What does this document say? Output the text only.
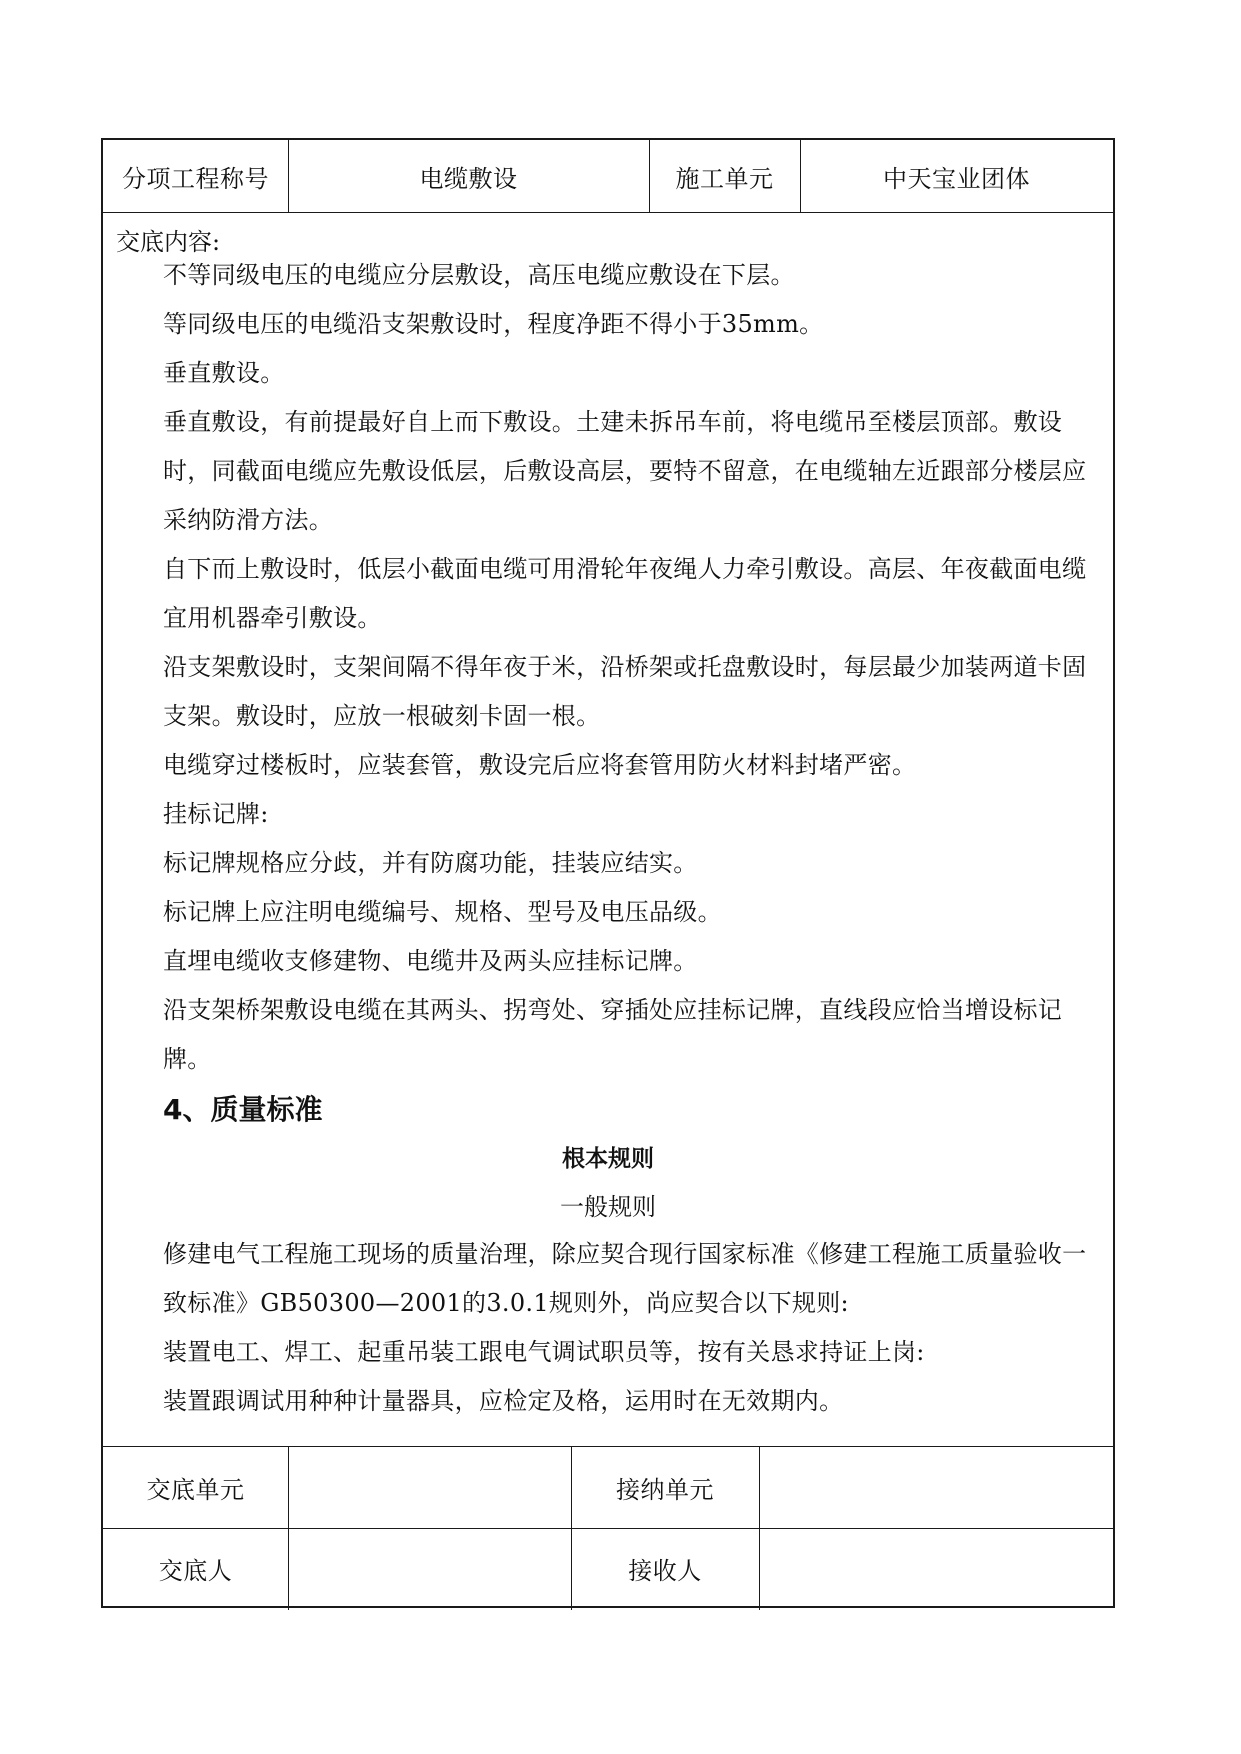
分项工程称号	电缆敷设	施工单元	中天宝业团体
交底内容:
不等同级电压的电缆应分层敷设，高压电缆应敷设在下层。
等同级电压的电缆沿支架敷设时，程度净距不得小于35mm。
垂直敷设。
垂直敷设，有前提最好自上而下敷设。土建未拆吊车前，将电缆吊至楼层顶部。敷设时，同截面电缆应先敷设低层，后敷设高层，要特不留意，在电缆轴左近跟部分楼层应采纳防滑方法。
自下而上敷设时，低层小截面电缆可用滑轮年夜绳人力牵引敷设。高层、年夜截面电缆宜用机器牵引敷设。
沿支架敷设时，支架间隔不得年夜于米，沿桥架或托盘敷设时，每层最少加装两道卡固支架。敷设时，应放一根破刻卡固一根。
电缆穿过楼板时，应装套管，敷设完后应将套管用防火材料封堵严密。
挂标记牌:
标记牌规格应分歧，并有防腐功能，挂装应结实。
标记牌上应注明电缆编号、规格、型号及电压品级。
直埋电缆收支修建物、电缆井及两头应挂标记牌。
沿支架桥架敷设电缆在其两头、拐弯处、穿插处应挂标记牌，直线段应恰当增设标记牌。
4、质量标准
根本规则
一般规则
修建电气工程施工现场的质量治理，除应契合现行国家标准《修建工程施工质量验收一致标准》GB50300—2001的3.0.1规则外，尚应契合以下规则:
装置电工、焊工、起重吊装工跟电气调试职员等，按有关恳求持证上岗:
装置跟调试用种种计量器具，应检定及格，运用时在无效期内。
交底单元	接纳单元
交底人	接收人
